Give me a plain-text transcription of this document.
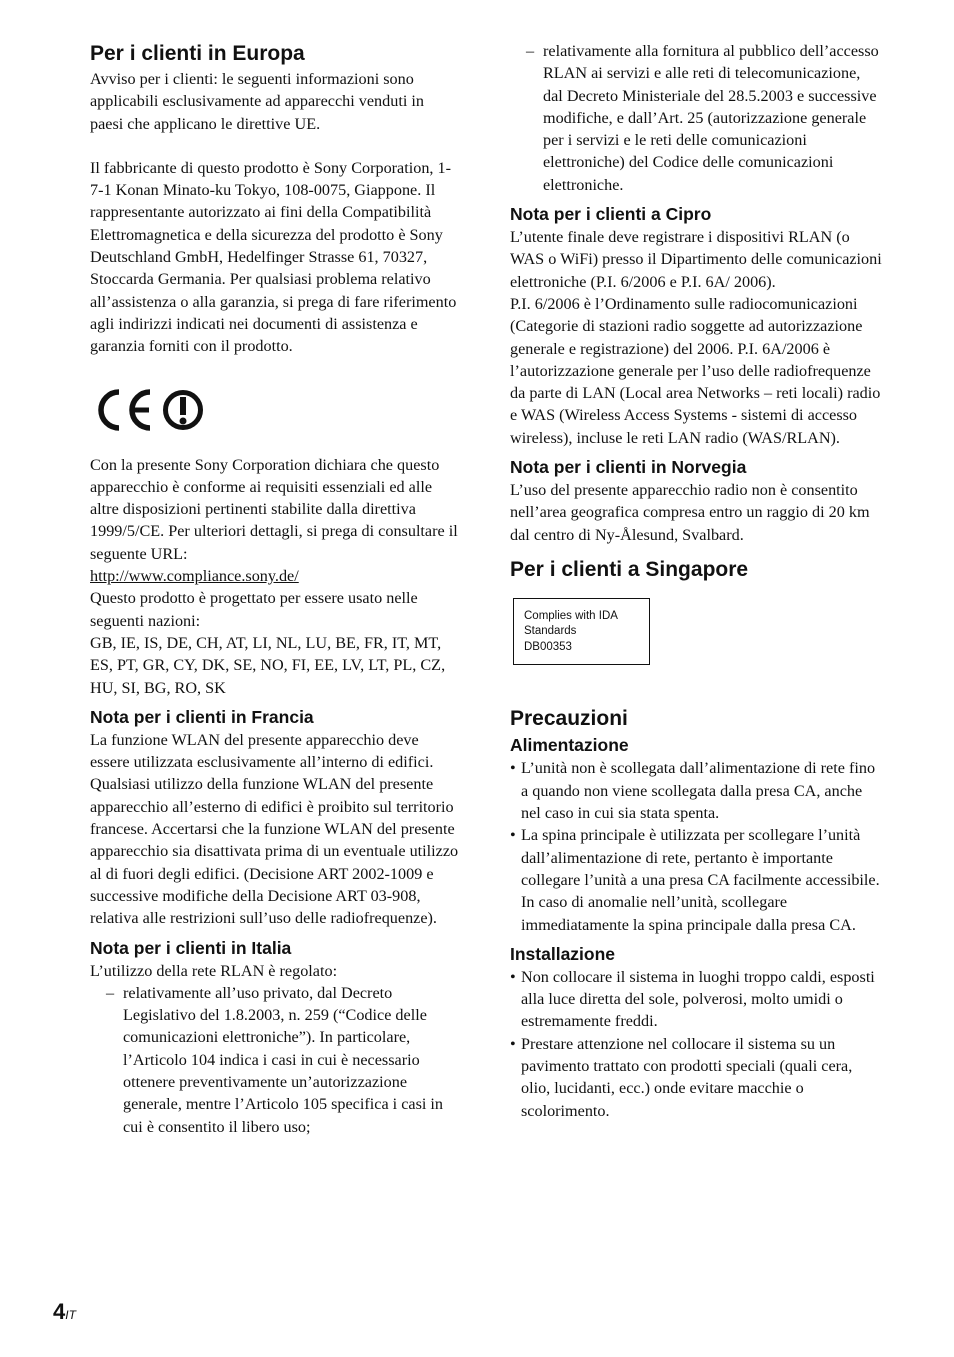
Per i clienti in Europa

Avviso per i clienti: le seguenti informazioni sono applicabili esclusivamente ad apparecchi venduti in paesi che applicano le direttive UE.

Il fabbricante di questo prodotto è Sony Corporation, 1-7-1 Konan Minato-ku Tokyo, 108-0075, Giappone. Il rappresentante autorizzato ai fini della Compatibilità Elettromagnetica e della sicurezza del prodotto è Sony Deutschland GmbH, Hedelfinger Strasse 61, 70327, Stoccarda Germania. Per qualsiasi problema relativo all’assistenza o alla garanzia, si prega di fare riferimento agli indirizzi indicati nei documenti di assistenza e garanzia forniti con il prodotto.

Con la presente Sony Corporation dichiara che questo apparecchio è conforme ai requisiti essenziali ed alle altre disposizioni pertinenti stabilite dalla direttiva 1999/5/CE. Per ulteriori dettagli, si prega di consultare il seguente URL:

http://www.compliance.sony.de/

Questo prodotto è progettato per essere usato nelle seguenti nazioni:

GB, IE, IS, DE, CH, AT, LI, NL, LU, BE, FR, IT, MT, ES, PT, GR, CY, DK, SE, NO, FI, EE, LV, LT, PL, CZ, HU, SI, BG, RO, SK

Nota per i clienti in Francia

La funzione WLAN del presente apparecchio deve essere utilizzata esclusivamente all’interno di edifici.

Qualsiasi utilizzo della funzione WLAN del presente apparecchio all’esterno di edifici è proibito sul territorio francese. Accertarsi che la funzione WLAN del presente apparecchio sia disattivata prima di un eventuale utilizzo al di fuori degli edifici. (Decisione ART 2002-1009 e successive modifiche della Decisione ART 03-908, relativa alle restrizioni sull’uso delle radiofrequenze).

Nota per i clienti in Italia

L’utilizzo della rete RLAN è regolato:

– relativamente all’uso privato, dal Decreto Legislativo del 1.8.2003, n. 259 (“Codice delle comunicazioni elettroniche”). In particolare, l’Articolo 104 indica i casi in cui è necessario ottenere preventivamente un’autorizzazione generale, mentre l’Articolo 105 specifica i casi in cui è consentito il libero uso;

– relativamente alla fornitura al pubblico dell’accesso RLAN ai servizi e alle reti di telecomunicazione, dal Decreto Ministeriale del 28.5.2003 e successive modifiche, e dall’Art. 25 (autorizzazione generale per i servizi e le reti delle comunicazioni elettroniche) del Codice delle comunicazioni elettroniche.

Nota per i clienti a Cipro

L’utente finale deve registrare i dispositivi RLAN (o WAS o WiFi) presso il Dipartimento delle comunicazioni elettroniche (P.I. 6/2006 e P.I. 6A/ 2006).

P.I. 6/2006 è l’Ordinamento sulle radiocomunicazioni (Categorie di stazioni radio soggette ad autorizzazione generale e registrazione) del 2006. P.I. 6A/2006 è l’autorizzazione generale per l’uso delle radiofrequenze da parte di LAN (Local area Networks – reti locali) radio e WAS (Wireless Access Systems - sistemi di accesso wireless), incluse le reti LAN radio (WAS/RLAN).

Nota per i clienti in Norvegia

L’uso del presente apparecchio radio non è consentito nell’area geografica compresa entro un raggio di 20 km dal centro di Ny-Ålesund, Svalbard.

Per i clienti a Singapore
Complies with IDA
Standards
DB00353
Precauzioni
Alimentazione

• L’unità non è scollegata dall’alimentazione di rete fino a quando non viene scollegata dalla presa CA, anche nel caso in cui sia stata spenta.

• La spina principale è utilizzata per scollegare l’unità dall’alimentazione di rete, pertanto è importante collegare l’unità a una presa CA facilmente accessibile. In caso di anomalie nell’unità, scollegare immediatamente la spina principale dalla presa CA.

Installazione

• Non collocare il sistema in luoghi troppo caldi, esposti alla luce diretta del sole, polverosi, molto umidi o estremamente freddi.

• Prestare attenzione nel collocare il sistema su un pavimento trattato con prodotti speciali (quali cera, olio, lucidanti, ecc.) onde evitare macchie o scolorimento.

4IT
